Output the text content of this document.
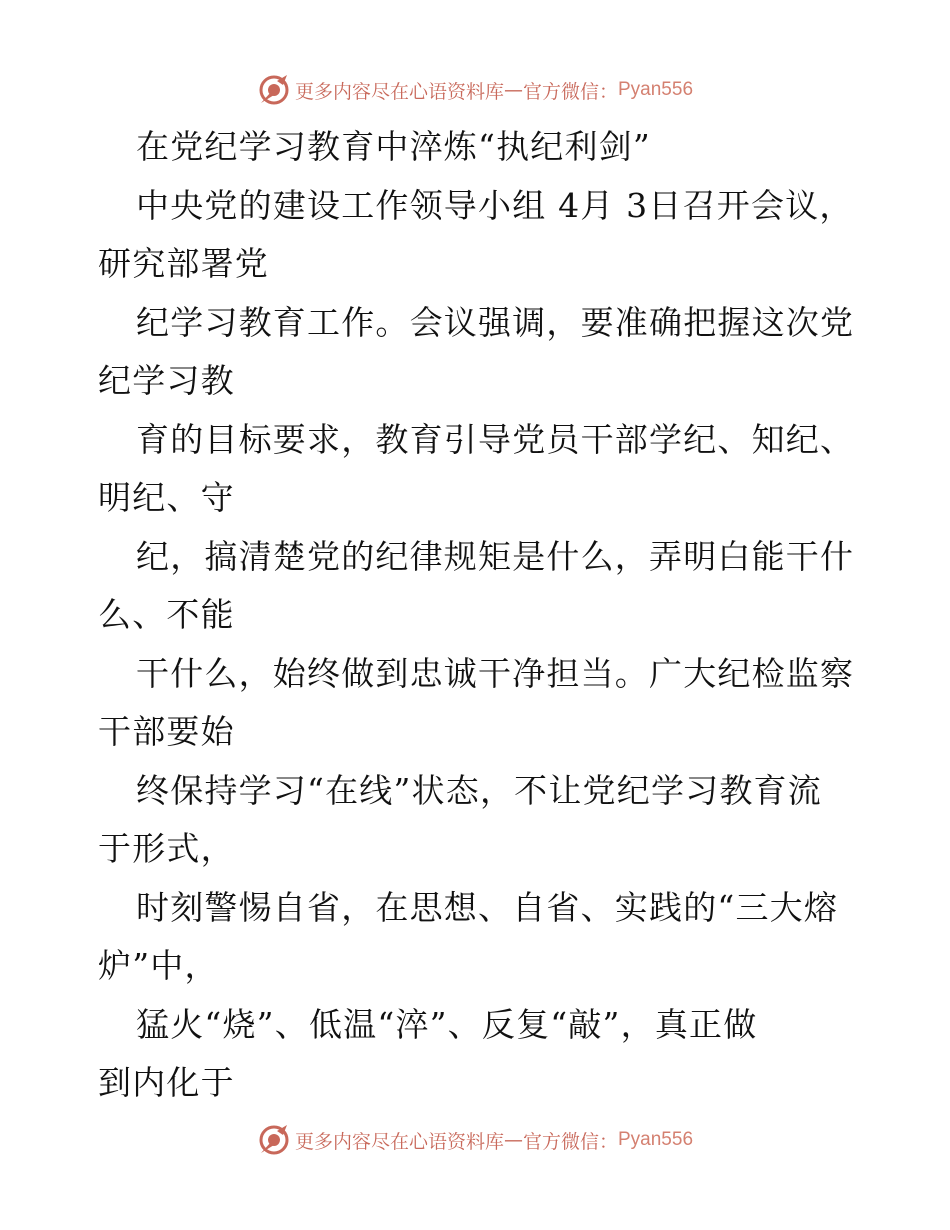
更多内容尽在心语资料库 — 官方微信： Pyan556
在党纪学习教育中淬炼“执纪利剑”
中央党的建设工作领导小组 4月 3日召开会议，
研究部署党
纪学习教育工作。会议强调，要准确把握这次党
纪学习教
育的目标要求，教育引导党员干部学纪、知纪、
明纪、守
纪，搞清楚党的纪律规矩是什么，弄明白能干什
么、不能
干什么，始终做到忠诚干净担当。广大纪检监察
干部要始
终保持学习“在线”状态，不让党纪学习教育流
于形式，
时刻警惕自省，在思想、自省、实践的“三大熔
炉”中，
猛火“烧”、低温“淬”、反复“敲”，真正做
到内化于
更多内容尽在心语资料库 — 官方微信： Pyan556
